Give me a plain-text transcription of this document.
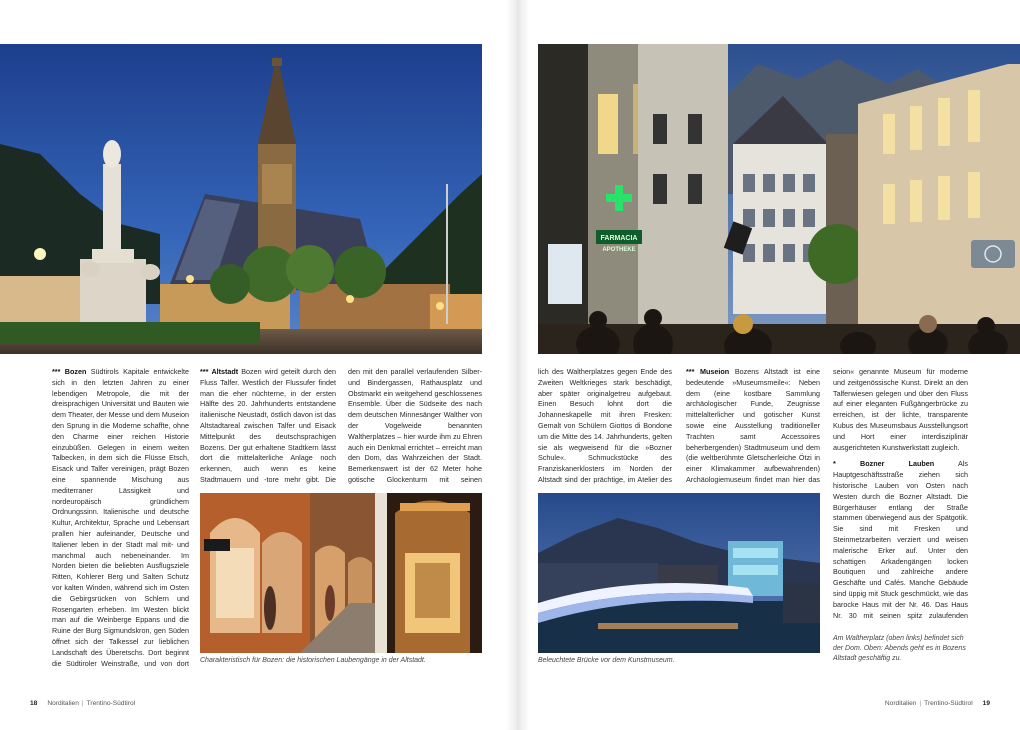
FARMACIA
APOTHEKE
*** Bozen Südtirols Kapitale entwickelte sich in den letzten Jahren zu einer lebendigen Metropole, die mit der dreisprachigen Universität und Bauten wie dem Theater, der Messe und dem Museion den Sprung in die Moderne schaffte, ohne den Charme einer reichen Historie einzubüßen. Gelegen in einem weiten Talbecken, in dem sich die Flüsse Etsch, Eisack und Talfer vereinigen, prägt Bozen eine spannende Mischung aus mediterraner Lässigkeit und nordeuropäisch gründlichem Ordnungssinn. Italienische und deutsche Kultur, Architektur, Sprache und Lebensart prallen hier aufeinander, Deutsche und Italiener leben in der Stadt mal mit- und manchmal auch nebeneinander. Im Norden bieten die beliebten Ausflugsziele Ritten, Kohlerer Berg und Salten Schutz vor kalten Winden, während sich im Osten die Gebirgsrücken von Schlern und Rosengarten erheben. Im Westen blickt man auf die Weinberge Eppans und die Ruine der Burg Sigmundskron, gen Süden öffnet sich der Talkessel zur lieblichen Landschaft des Überetschs. Dort beginnt die Südtiroler Weinstraße, und von dort
*** Altstadt Bozen wird geteilt durch den Fluss Talfer. Westlich der Flussufer findet man die eher nüchterne, in der ersten Hälfte des 20. Jahrhunderts entstandene italienische Neustadt, östlich davon ist das Altstadtareal zwischen Talfer und Eisack Mittelpunkt des deutschsprachigen Bozens. Der gut erhaltene Stadtkern lässt dort die mittelalterliche Anlage noch erkennen, auch wenn es keine Stadtmauern und -tore mehr gibt. Die
den mit den parallel verlaufenden Silber- und Bindergassen, Rathausplatz und Obstmarkt ein weitgehend geschlossenes Ensemble. Über die Südseite des nach dem deutschen Minnesänger Walther von der Vogelweide benannten Waltherplatzes – hier wurde ihm zu Ehren auch ein Denkmal errichtet – erreicht man den Dom, das Wahrzeichen der Stadt. Bemerkenswert ist der 62 Meter hohe gotische Glockenturm mit seinen
Charakteristisch für Bozen: die historischen Laubengänge in der Altstadt.
lich des Waltherplatzes gegen Ende des Zweiten Weltkrieges stark beschädigt, aber später originalgetreu aufgebaut. Einen Besuch lohnt dort die Johanneskapelle mit ihren Fresken: Gemalt von Schülern Giottos di Bondone um die Mitte des 14. Jahrhunderts, gelten sie als wegweisend für die »Bozner Schule«. Schmuckstücke des Franziskanerklosters im Norden der Altstadt sind der prächtige, im Atelier des
*** Museion Bozens Altstadt ist eine bedeutende »Museumsmeile«: Neben dem (eine kostbare Sammlung archäologischer Funde, Zeugnisse mittelalterlicher und gotischer Kunst sowie eine Ausstellung traditioneller Trachten samt Accessoires beherbergenden) Stadtmuseum und dem (die weltberühmte Gletscherleiche Ötzi in einer Klimakammer aufbewahrenden) Archäologiemuseum findet man hier das
seion« genannte Museum für moderne und zeitgenössische Kunst. Direkt an den Talferwiesen gelegen und über den Fluss auf einer eleganten Fußgängerbrücke zu erreichen, ist der lichte, transparente Kubus des Museumsbaus Ausstellungsort und Hort einer interdisziplinär ausgerichteten Kunstwerkstatt zugleich.
*	Bozner Lauben	Als Hauptgeschäftsstraße ziehen sich historische Lauben von Osten nach Westen durch die Bozner Altstadt. Die Bürgerhäuser entlang der Straße stammen überwiegend aus der Spätgotik. Sie sind mit Fresken und Steinmetzarbeiten verziert und weisen malerische Erker auf. Unter den schattigen Arkadengängen locken Boutiquen und zahlreiche andere Geschäfte und Cafés. Manche Gebäude sind üppig mit Stuck geschmückt, wie das barocke Haus mit der Nr. 46. Das Haus Nr. 30 mit seinen spitz zulaufenden
Beleuchtete Brücke vor dem Kunstmuseum.
Am Waltherplatz (oben links) befindet sich der Dom. Oben: Abends geht es in Bozens Altstadt geschäftig zu.
18 Norditalien | Trentino-Südtirol	Norditalien | Trentino-Südtirol 19
